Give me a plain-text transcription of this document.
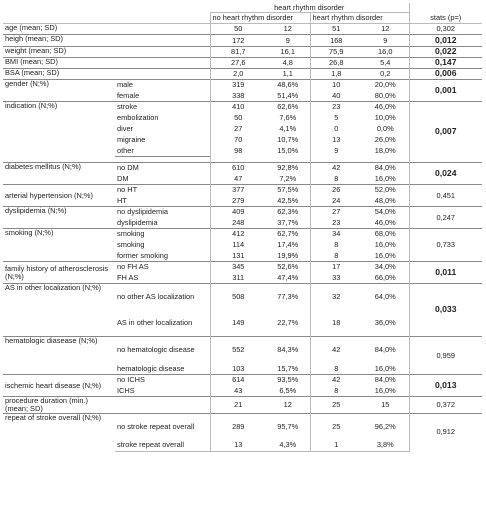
		heart rhythm disorder				
		no heart rhythm disorder		heart rhythm disorder		stats (p=)
age (mean; SD)		50	12	51	12	0,302
heigh (mean; SD)		172	9	168	9	0,012
weight (mean; SD)		81,7	16,1	75,9	16,0	0,022
BMI (mean; SD)		27,6	4,8	26,8	5,4	0,147
BSA (mean; SD)		2,0	1,1	1,8	0,2	0,006
gender (N;%)	male	319	48,6%	10	20,0%	0,001
	female	338	51,4%	40	80,0%	
indication (N;%)	stroke	410	62,6%	23	46,0%	0,007
	embolization	50	7,6%	5	10,0%	
	diver	27	4,1%	0	0,0%	
	migraine	70	10,7%	13	26,0%	
	other	98	15,0%	9	18,0%	

diabetes mellitus (N;%)	no DM	610	92,8%	42	84,0%	0,024
	DM	47	7,2%	8	16,0%	
arterial hypertension (N;%)	no HT	377	57,5%	26	52,0%	0,451
	HT	279	42,5%	24	48,0%	
dyslipidemia (N;%)	no dyslipidemia	409	62,3%	27	54,0%	0,247
	dyslipidemia	248	37,7%	23	46,0%	
smoking (N;%)	smoking	412	62,7%	34	68,0%	0,733
	smoking	114	17,4%	8	16,0%	
	former smoking	131	19,9%	8	16,0%	
family history of atherosclerosis (N;%)	no FH AS	345	52,6%	17	34,0%	0,011
	FH AS	311	47,4%	33	66,0%	
AS in other localization (N;%)	no other AS localization	508	77,3%	32	64,0%	0,033
	AS in other localization	149	22,7%	18	36,0%	
hematologic diasease (N;%)	no hematologic disease	552	84,3%	42	84,0%	0,959
	hematologic disease	103	15,7%	8	16,0%	
ischemic heart disease (N;%)	no ICHS	614	93,5%	42	84,0%	0,013
	ICHS	43	6,5%	8	16,0%	
procedure duration (min.) (mean; SD)		21	12	25	15	0,372
repeat of stroke overall (N;%)	no stroke repeat overall	289	95,7%	25	96,2%	0,912
	stroke repeat overall	13	4,3%	1	3,8%	
